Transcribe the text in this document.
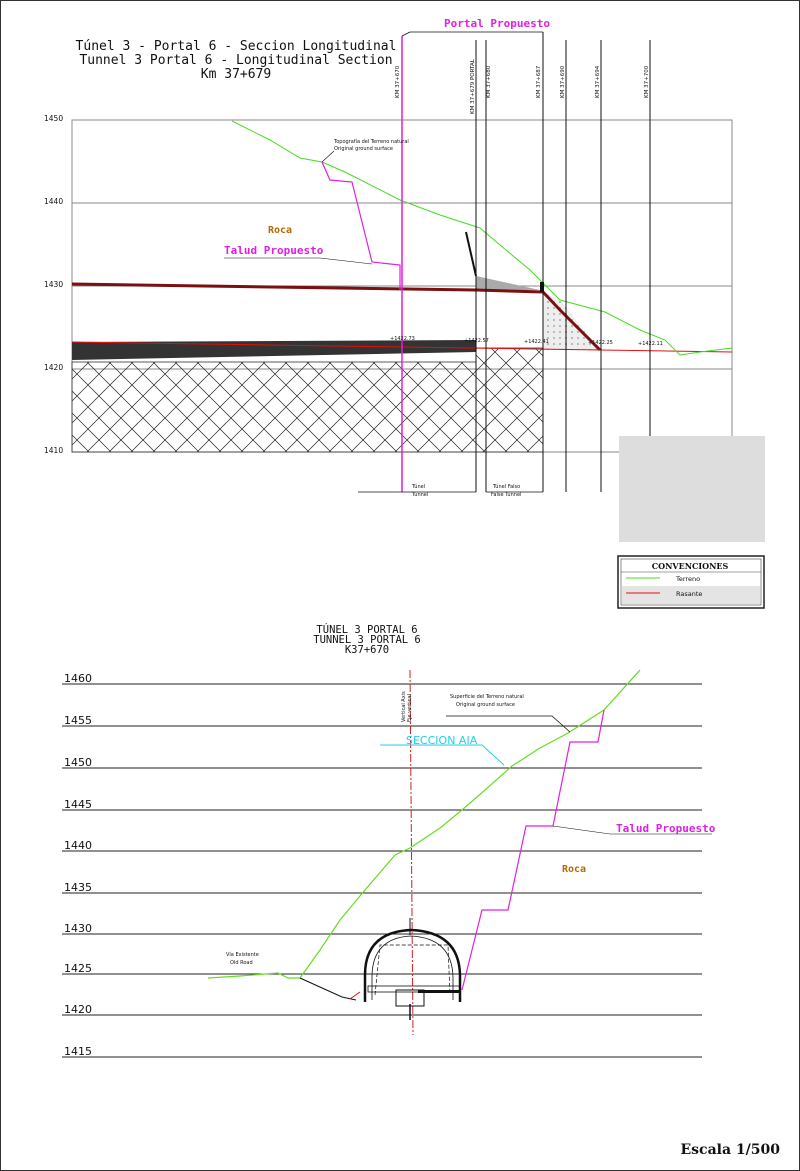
Túnel 3 - Portal 6 - Seccion Longitudinal
Tunnel 3 Portal 6 - Longitudinal Section
Km 37+679
1450
1440
1430
1420
1410
KM 37+670	KM 37+679 PORTAL KM 37+680	KM 37+687	KM 37+690	KM 37+694	KM 37+700
Portal Propuesto
Topografía del Terreno natural
Original ground surface
Roca
Talud Propuesto
+1422.73	+1422.57	+1422.41	+1422.25	+1422.11
Túnel
Tunnel
Túnel Falso
False Tunnel
CONVENCIONES
Terreno
Rasante
TÚNEL 3 PORTAL 6
TUNNEL 3 PORTAL 6
K37+670
1460
1455
1450
1445
1440
1435
1430
1425
1420
1415
Vertical Axis Eje vertical	Superficie del Terreno natural
Original ground surface
SECCION AIA
Talud Propuesto
Roca
Vía Existente
Old Road
Escala 1/500
